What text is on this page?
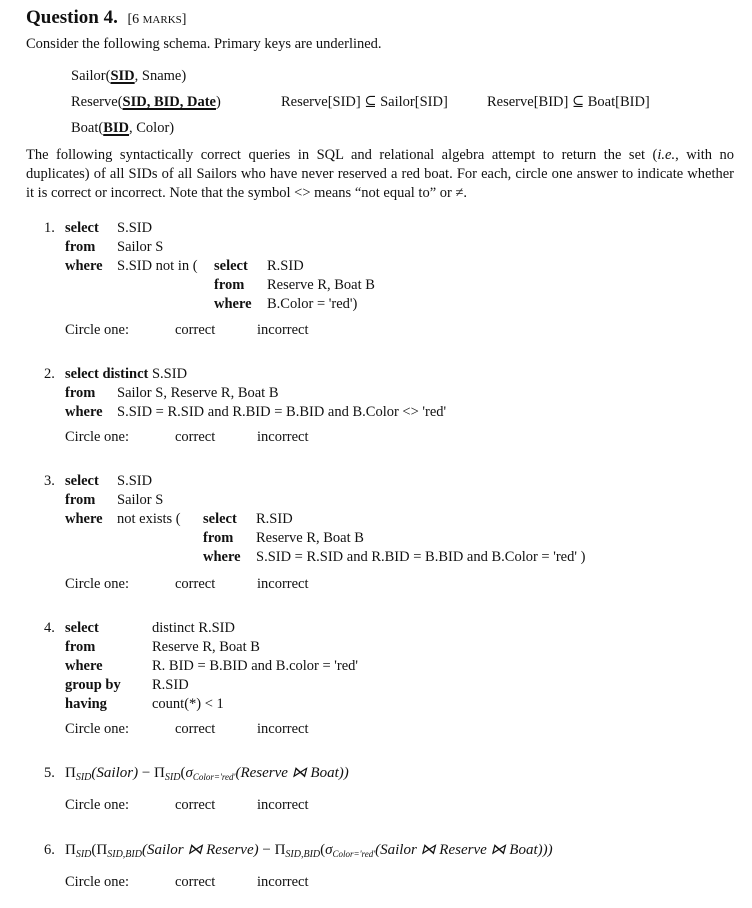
Question 4. [6 MARKS]
Consider the following schema. Primary keys are underlined.
Sailor(SID, Sname)
Reserve(SID, BID, Date)	Reserve[SID] ⊆ Sailor[SID]	Reserve[BID] ⊆ Boat[BID]
Boat(BID, Color)
The following syntactically correct queries in SQL and relational algebra attempt to return the set (i.e., with no duplicates) of all SIDs of all Sailors who have never reserved a red boat. For each, circle one answer to indicate whether it is correct or incorrect. Note that the symbol <> means “not equal to” or ≠.
1. select S.SID
from Sailor S
where S.SID not in ( select R.SID
from Reserve R, Boat B
where B.Color = 'red')
Circle one:	correct	incorrect
2. select distinct S.SID
from Sailor S, Reserve R, Boat B
where S.SID = R.SID and R.BID = B.BID and B.Color <> 'red'
Circle one:	correct	incorrect
3. select S.SID
from Sailor S
where not exists ( select R.SID
from Reserve R, Boat B
where S.SID = R.SID and R.BID = B.BID and B.Color = 'red' )
Circle one:	correct	incorrect
4. select	distinct R.SID
from	Reserve R, Boat B
where	R. BID = B.BID and B.color = 'red'
group by R.SID
having	count(*) < 1
Circle one:	correct	incorrect
5. $\Pi_{SID}(Sailor)$ − $\Pi_{SID}(\sigma_{Color='red'}(Reserve$ ⋈ Boat))
Circle one:	correct	incorrect
6. $\Pi_{SID}(\Pi_{SID,BID}(Sailor$ ⋈ Reserve) − $\Pi_{SID,BID}(\sigma_{Color='red'}(Sailor$ ⋈ Reserve ⋈ Boat)))
Circle one:	correct	incorrect
